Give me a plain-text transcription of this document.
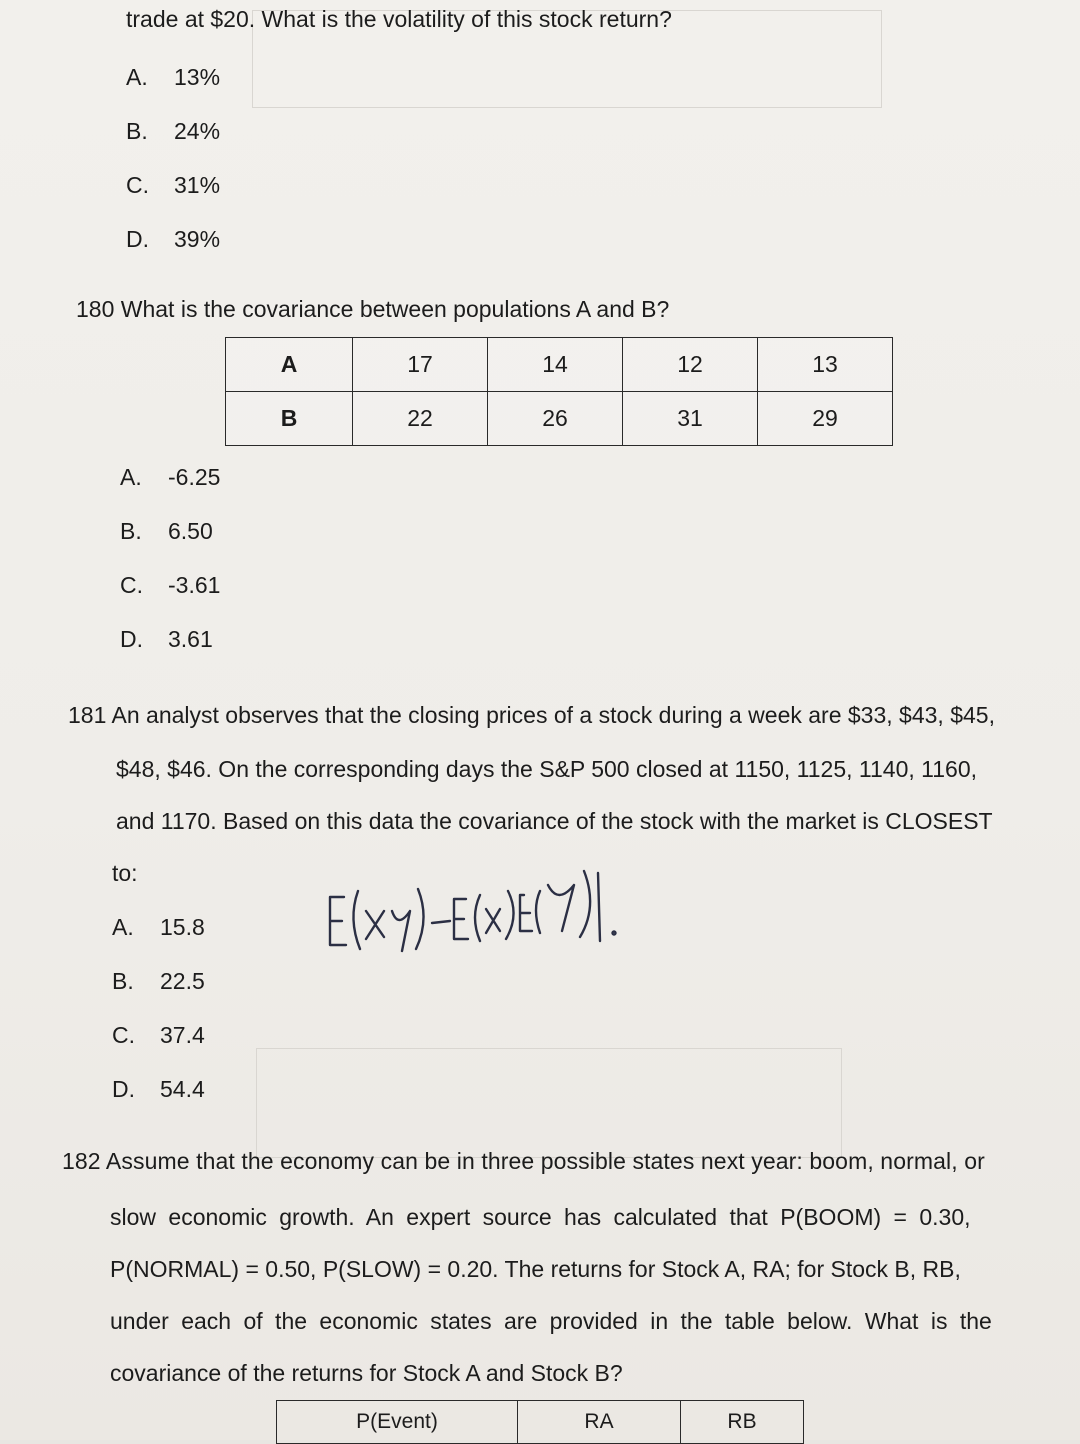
trade at $20. What is the volatility of this stock return?
A. 13%
B. 24%
C. 31%
D. 39%
180 What is the covariance between populations A and B?
A	17	14	12	13
B	22	26	31	29
A. -6.25
B. 6.50
C. -3.61
D. 3.61
181 An analyst observes that the closing prices of a stock during a week are $33, $43, $45,
$48, $46. On the corresponding days the S&P 500 closed at 1150, 1125, 1140, 1160,
and 1170. Based on this data the covariance of the stock with the market is CLOSEST
to:
A. 15.8
B. 22.5
C. 37.4
D. 54.4
182 Assume that the economy can be in three possible states next year: boom, normal, or
slow economic growth. An expert source has calculated that P(BOOM) = 0.30,
P(NORMAL) = 0.50, P(SLOW) = 0.20. The returns for Stock A, RA; for Stock B, RB,
under each of the economic states are provided in the table below. What is the
covariance of the returns for Stock A and Stock B?
P(Event)	RA	RB
